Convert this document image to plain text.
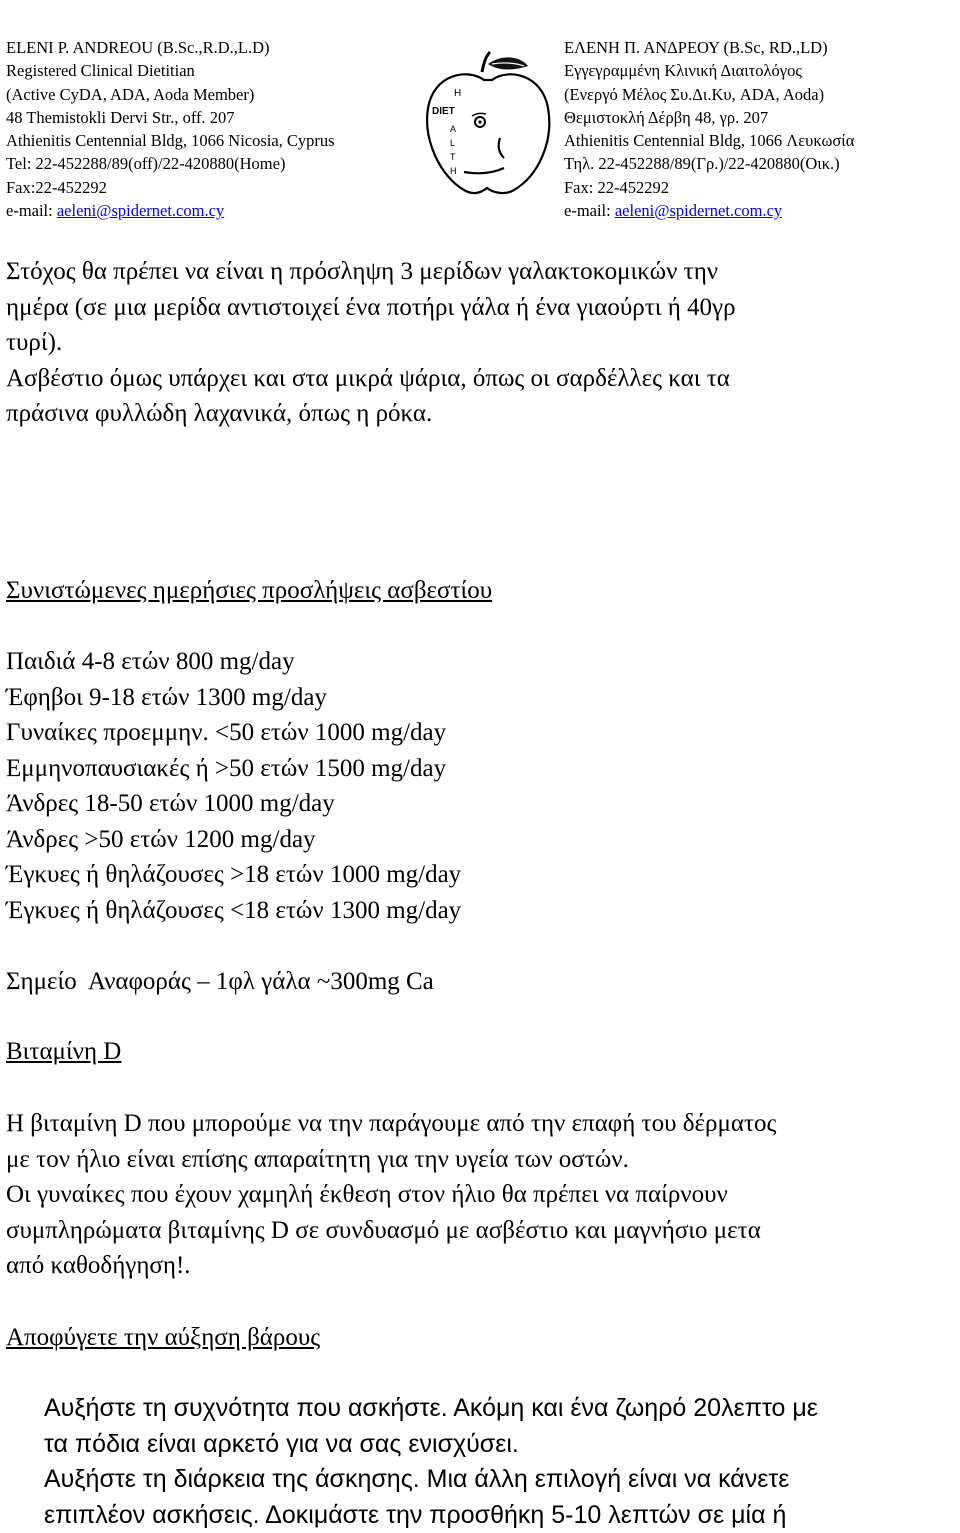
ELENI P. ANDREOU (B.Sc.,R.D.,L.D)
Registered Clinical Dietitian
(Active CyDA, ADA, Aoda Member)
48 Themistokli Dervi Str., off. 207
Athienitis Centennial Bldg, 1066 Nicosia, Cyprus
Tel: 22-452288/89(off)/22-420880(Home)
Fax:22-452292
e-mail: aeleni@spidernet.com.cy
H
DIET
A
L
T
H
ΕΛΕΝΗ Π. ΑΝΔΡΕΟΥ (B.Sc, RD.,LD)
Εγγεγραμμένη Κλινική Διαιτολόγος
(Ενεργό Μέλος Συ.Δι.Κυ, ADA, Aoda)
Θεμιστοκλή Δέρβη 48, γρ. 207
Athienitis Centennial Bldg, 1066 Λευκωσία
Τηλ. 22-452288/89(Γρ.)/22-420880(Οικ.)
Fax: 22-452292
e-mail: aeleni@spidernet.com.cy

Στόχος θα πρέπει να είναι η πρόσληψη 3 μερίδων γαλακτοκομικών την

ημέρα (σε μια μερίδα αντιστοιχεί ένα ποτήρι γάλα ή ένα γιαούρτι ή 40γρ

τυρί).

Ασβέστιο όμως υπάρχει και στα μικρά ψάρια, όπως οι σαρδέλλες και τα

πράσινα φυλλώδη λαχανικά, όπως η ρόκα.

Συνιστώμενες ημερήσιες προσλήψεις ασβεστίου

Παιδιά 4-8 ετών 800 mg/day

Έφηβοι 9-18 ετών 1300 mg/day

Γυναίκες προεμμην. <50 ετών 1000 mg/day

Εμμηνοπαυσιακές ή >50 ετών 1500 mg/day

Άνδρες 18-50 ετών 1000 mg/day

Άνδρες >50 ετών 1200 mg/day

Έγκυες ή θηλάζουσες >18 ετών 1000 mg/day

Έγκυες ή θηλάζουσες <18 ετών 1300 mg/day

Σημείο  Αναφοράς – 1φλ γάλα ~300mg Ca

Βιταμίνη D

Η βιταμίνη D που μπορούμε να την παράγουμε από την επαφή του δέρματος

με τον ήλιο είναι επίσης απαραίτητη για την υγεία των οστών.

Οι γυναίκες που έχουν χαμηλή έκθεση στον ήλιο θα πρέπει να παίρνουν

συμπληρώματα βιταμίνης D σε συνδυασμό με ασβέστιο και μαγνήσιο μετα

από καθοδήγηση!.

Αποφύγετε την αύξηση βάρους

Αυξήστε τη συχνότητα που ασκήστε. Ακόμη και ένα ζωηρό 20λεπτο με

τα πόδια είναι αρκετό για να σας ενισχύσει.

Αυξήστε τη διάρκεια της άσκησης. Μια άλλη επιλογή είναι να κάνετε

επιπλέον ασκήσεις. Δοκιμάστε την προσθήκη 5-10 λεπτών σε μία ή
